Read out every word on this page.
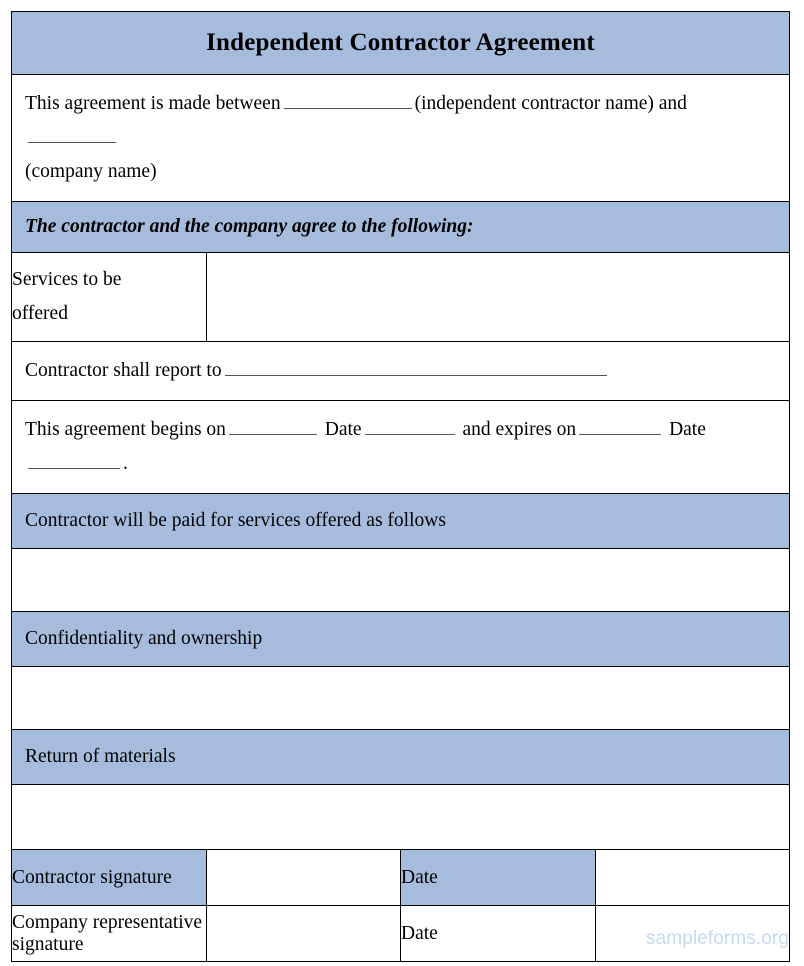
Independent Contractor Agreement			

This agreement is made between (independent contractor name) and
(company name)			

The contractor and the company agree to the following:			

Services to be
offered			

Contractor shall report to			

This agreement begins on Date and expires on Date
.			

Contractor will be paid for services offered as follows			

Confidentiality and ownership			

Return of materials			

Contractor signature		Date	

Company representative signature		Date		sampleforms.org
